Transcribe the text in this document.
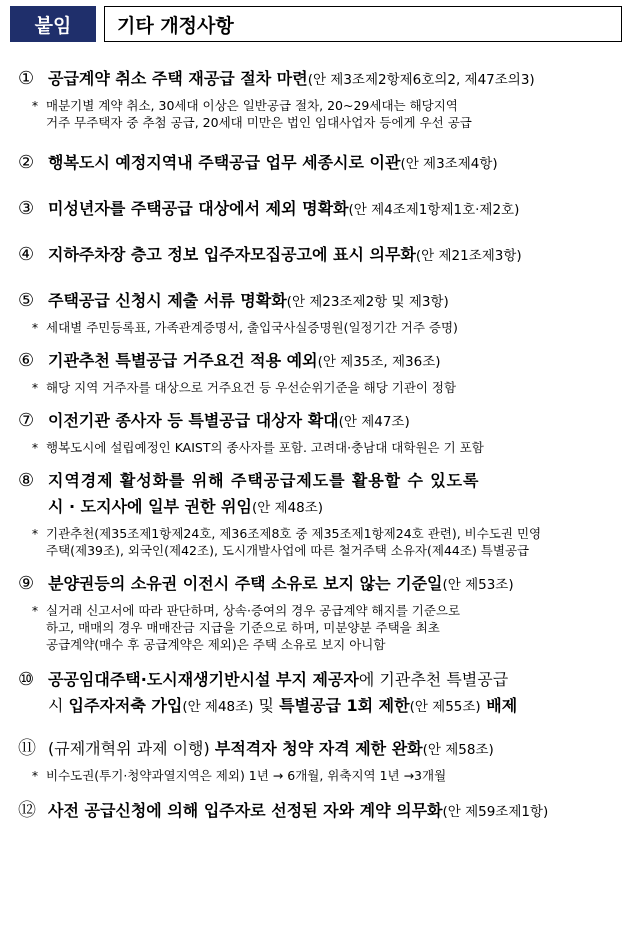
붙임	기타 개정사항
① 공급계약 취소 주택 재공급 절차 마련(안 제3조제2항제6호의2, 제47조의3)
* 매분기별 계약 취소, 30세대 이상은 일반공급 절차, 20~29세대는 해당지역
거주 무주택자 중 추첨 공급, 20세대 미만은 법인 임대사업자 등에게 우선 공급
② 행복도시 예정지역내 주택공급 업무 세종시로 이관(안 제3조제4항)
③ 미성년자를 주택공급 대상에서 제외 명확화(안 제4조제1항제1호·제2호)
④ 지하주차장 층고 정보 입주자모집공고에 표시 의무화(안 제21조제3항)
⑤ 주택공급 신청시 제출 서류 명확화(안 제23조제2항 및 제3항)
* 세대별 주민등록표, 가족관계증명서, 출입국사실증명원(일정기간 거주 증명)
⑥ 기관추천 특별공급 거주요건 적용 예외(안 제35조, 제36조)
* 해당 지역 거주자를 대상으로 거주요건 등 우선순위기준을 해당 기관이 정함
⑦ 이전기관 종사자 등 특별공급 대상자 확대(안 제47조)
* 행복도시에 설립예정인 KAIST의 종사자를 포함. 고려대·충남대 대학원은 기 포함
⑧ 지역경제 활성화를 위해 주택공급제도를 활용할 수 있도록
시 · 도지사에 일부 권한 위임(안 제48조)
* 기관추천(제35조제1항제24호, 제36조제8호 중 제35조제1항제24호 관련), 비수도권 민영
주택(제39조), 외국인(제42조), 도시개발사업에 따른 철거주택 소유자(제44조) 특별공급
⑨ 분양권등의 소유권 이전시 주택 소유로 보지 않는 기준일(안 제53조)
* 실거래 신고서에 따라 판단하며, 상속·증여의 경우 공급계약 해지를 기준으로
하고, 매매의 경우 매매잔금 지급을 기준으로 하며, 미분양분 주택을 최초
공급계약(매수 후 공급계약은 제외)은 주택 소유로 보지 아니함
⑩ 공공임대주택·도시재생기반시설 부지 제공자에 기관추천 특별공급
시 입주자저축 가입(안 제48조) 및 특별공급 1회 제한(안 제55조) 배제
⑪ (규제개혁위 과제 이행) 부적격자 청약 자격 제한 완화(안 제58조)
* 비수도권(투기·청약과열지역은 제외) 1년 → 6개월, 위축지역 1년 →3개월
⑫ 사전 공급신청에 의해 입주자로 선정된 자와 계약 의무화(안 제59조제1항)
